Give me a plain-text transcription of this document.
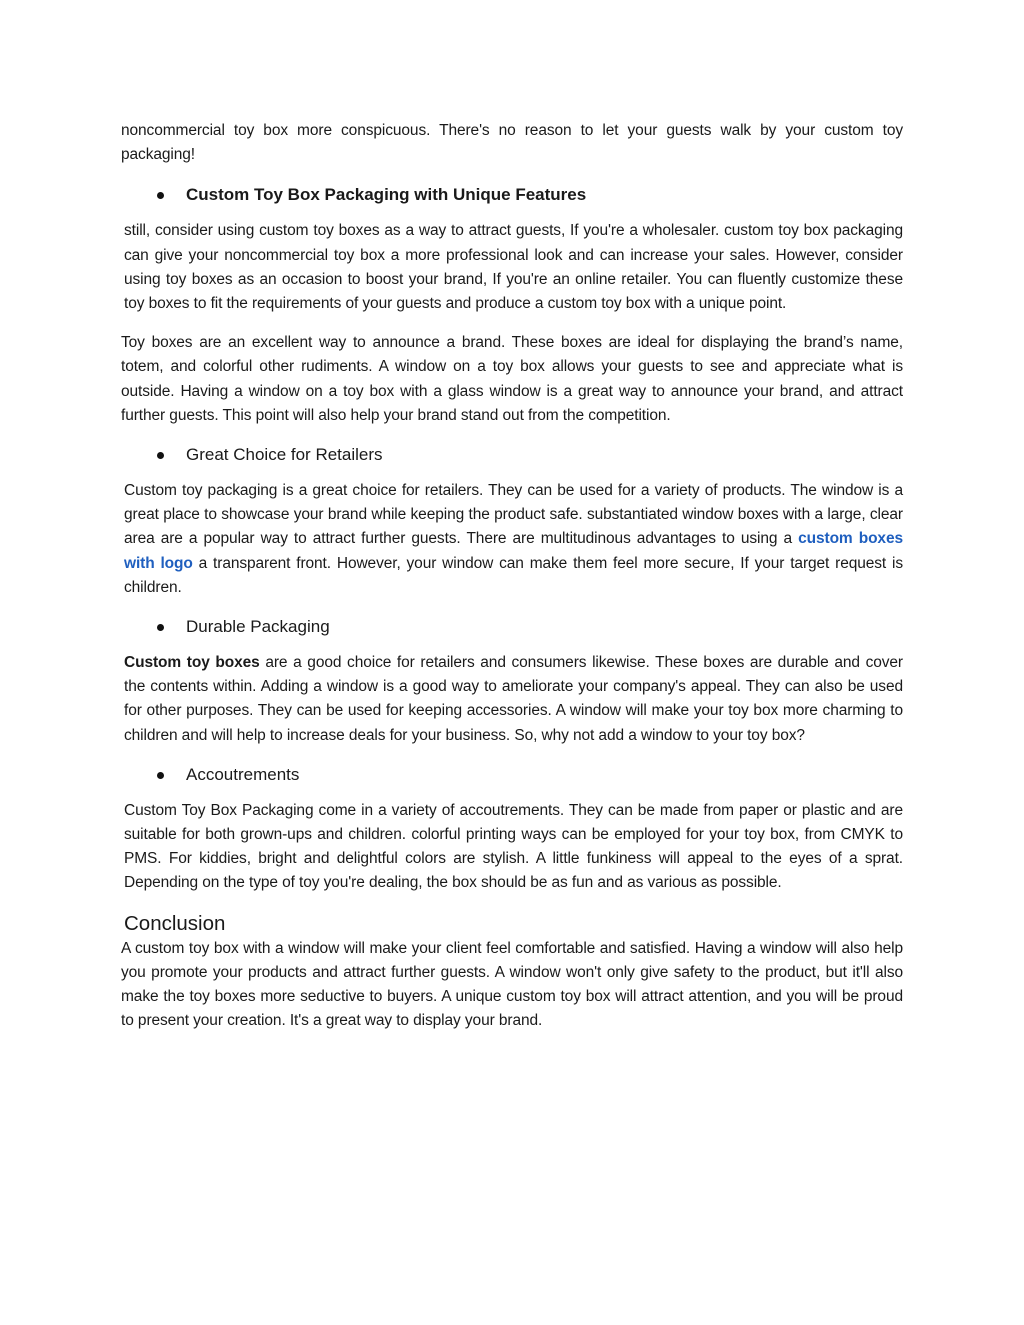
noncommercial toy box more conspicuous. There's no reason to let your guests walk by your custom toy packaging!

Custom Toy Box Packaging with Unique Features

still, consider using custom toy boxes as a way to attract guests, If you're a wholesaler. custom toy box packaging can give your noncommercial toy box a more professional look and can increase your sales. However, consider using toy boxes as an occasion to boost your brand, If you're an online retailer. You can fluently customize these toy boxes to fit the requirements of your guests and produce a custom toy box with a unique point.

Toy boxes are an excellent way to announce a brand. These boxes are ideal for displaying the brand’s name, totem, and colorful other rudiments. A window on a toy box allows your guests to see and appreciate what is outside. Having a window on a toy box with a glass window is a great way to announce your brand, and attract further guests. This point will also help your brand stand out from the competition.

Great Choice for Retailers

Custom toy packaging is a great choice for retailers. They can be used for a variety of products. The window is a great place to showcase your brand while keeping the product safe. substantiated window boxes with a large, clear area are a popular way to attract further guests. There are multitudinous advantages to using a custom boxes with logo a transparent front. However, your window can make them feel more secure, If your target request is children.

Durable Packaging

Custom toy boxes are a good choice for retailers and consumers likewise. These boxes are durable and cover the contents within. Adding a window is a good way to ameliorate your company's appeal. They can also be used for other purposes. They can be used for keeping accessories. A window will make your toy box more charming to children and will help to increase deals for your business. So, why not add a window to your toy box?

Accoutrements

Custom Toy Box Packaging come in a variety of accoutrements. They can be made from paper or plastic and are suitable for both grown-ups and children. colorful printing ways can be employed for your toy box, from CMYK to PMS. For kiddies, bright and delightful colors are stylish. A little funkiness will appeal to the eyes of a sprat. Depending on the type of toy you're dealing, the box should be as fun and as various as possible.

Conclusion

A custom toy box with a window will make your client feel comfortable and satisfied. Having a window will also help you promote your products and attract further guests. A window won't only give safety to the product, but it'll also make the toy boxes more seductive to buyers. A unique custom toy box will attract attention, and you will be proud to present your creation. It's a great way to display your brand.
